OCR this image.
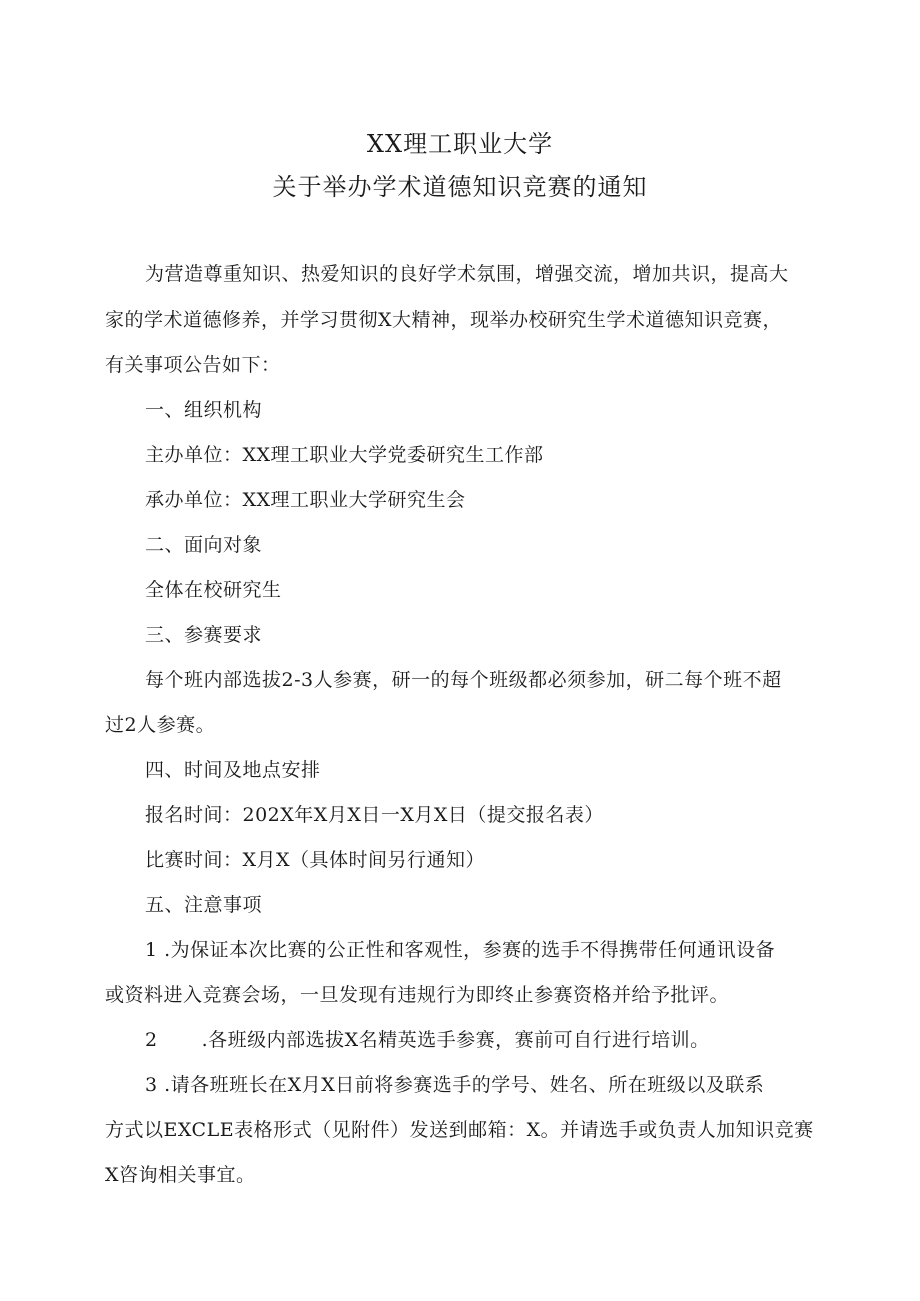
XX理工职业大学
关于举办学术道德知识竞赛的通知
为营造尊重知识、热爱知识的良好学术氛围，增强交流，增加共识，提高大
家的学术道德修养，并学习贯彻X大精神，现举办校研究生学术道德知识竞赛，
有关事项公告如下：
一、组织机构
主办单位：XX理工职业大学党委研究生工作部
承办单位：XX理工职业大学研究生会
二、面向对象
全体在校研究生
三、参赛要求
每个班内部选拔2-3人参赛，研一的每个班级都必须参加，研二每个班不超
过2人参赛。
四、时间及地点安排
报名时间：202X年X月X日一X月X日（提交报名表）
比赛时间：X月X（具体时间另行通知）
五、注意事项
1 .为保证本次比赛的公正性和客观性，参赛的选手不得携带任何通讯设备
或资料进入竞赛会场，一旦发现有违规行为即终止参赛资格并给予批评。
2 .各班级内部选拔X名精英选手参赛，赛前可自行进行培训。
3 .请各班班长在X月X日前将参赛选手的学号、姓名、所在班级以及联系
方式以EXCLE表格形式（见附件）发送到邮箱：X。并请选手或负责人加知识竞赛
X咨询相关事宜。
